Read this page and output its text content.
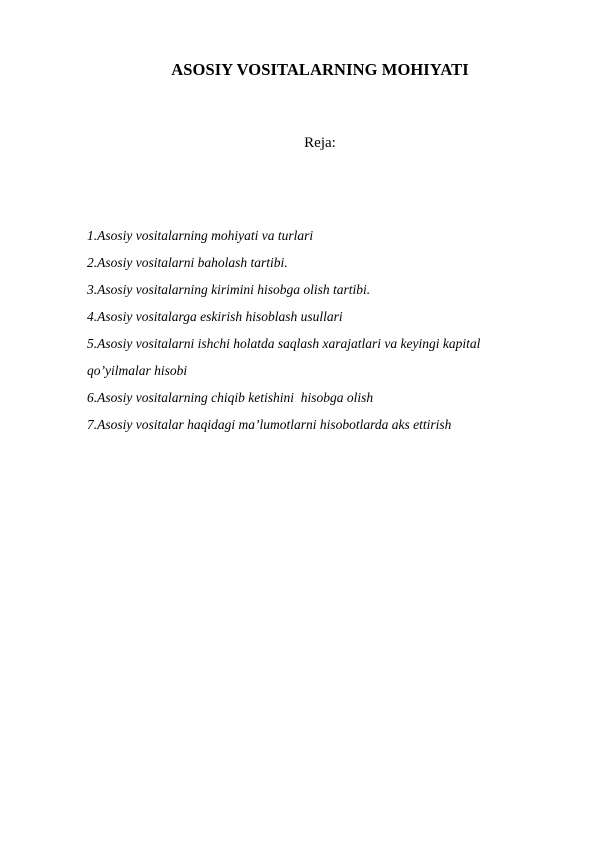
ASOSIY VOSITALARNING MOHIYATI
Reja:
1.Asosiy vositalarning mohiyati va turlari
2.Asosiy vositalarni baholash tartibi.
3.Asosiy vositalarning kirimini hisobga olish tartibi.
4.Asosiy vositalarga eskirish hisoblash usullari
5.Asosiy vositalarni ishchi holatda saqlash xarajatlari va keyingi kapital
qo’yilmalar hisobi
6.Asosiy vositalarning chiqib ketishini  hisobga olish
7.Asosiy vositalar haqidagi ma’lumotlarni hisobotlarda aks ettirish
